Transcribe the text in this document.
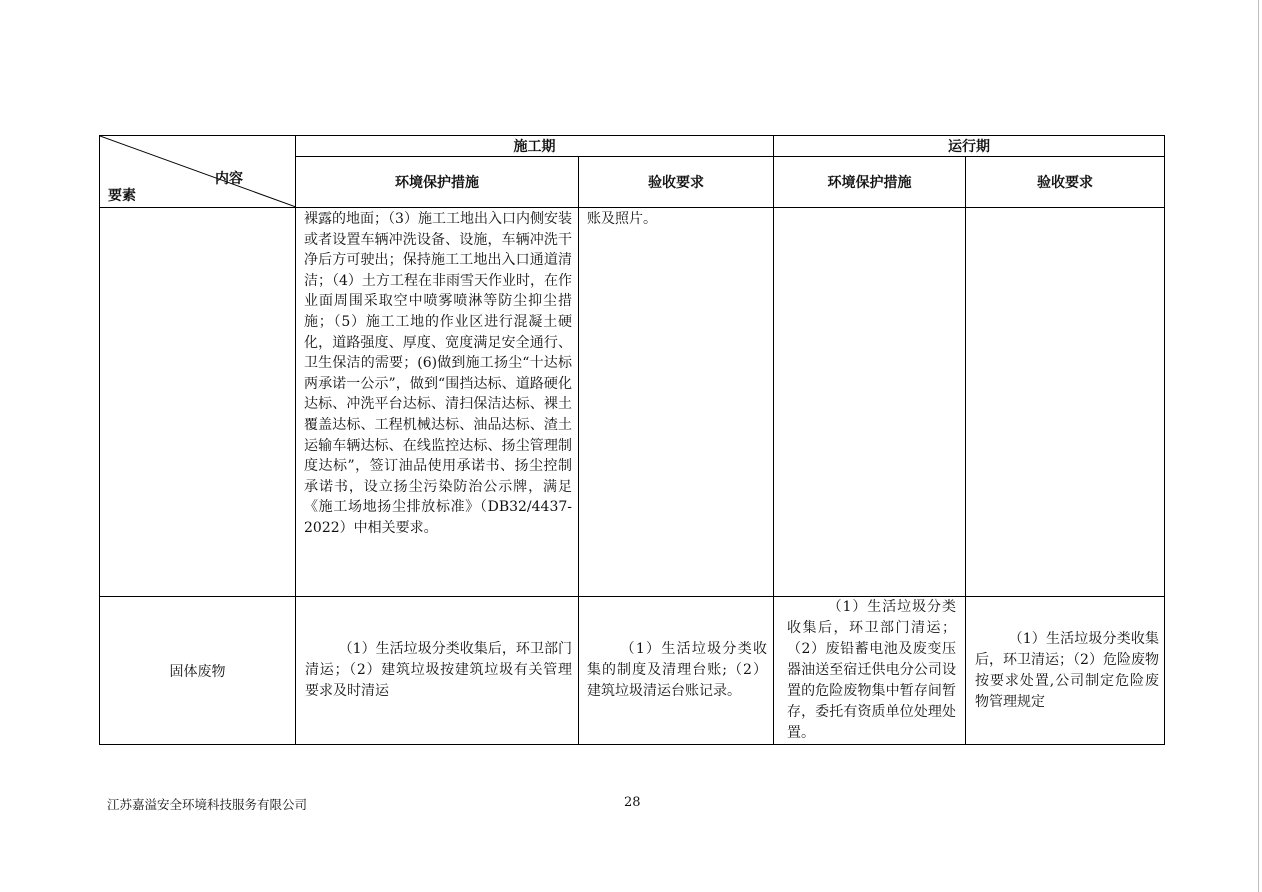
内容
要素	施工期		运行期	
	环境保护措施	验收要求	环境保护措施	验收要求

	裸露的地面；（3）施工工地出入口内侧安装或者设置车辆冲洗设备、设施，车辆冲洗干净后方可驶出；保持施工工地出入口通道清洁；（4）土方工程在非雨雪天作业时，在作业面周围采取空中喷雾喷淋等防尘抑尘措施；（5）施工工地的作业区进行混凝土硬化，道路强度、厚度、宽度满足安全通行、卫生保洁的需要；(6)做到施工扬尘“十达标两承诺一公示”，做到“围挡达标、道路硬化达标、冲洗平台达标、清扫保洁达标、裸土覆盖达标、工程机械达标、油品达标、渣土运输车辆达标、在线监控达标、扬尘管理制度达标”，签订油品使用承诺书、扬尘控制承诺书，设立扬尘污染防治公示牌，满足《施工场地扬尘排放标准》（DB32/4437-2022）中相关要求。	账及照片。		

固体废物	（1）生活垃圾分类收集后，环卫部门清运；（2）建筑垃圾按建筑垃圾有关管理要求及时清运	（1）生活垃圾分类收集的制度及清理台账;（2）建筑垃圾清运台账记录。	（1）生活垃圾分类收集后，环卫部门清运；（2）废铅蓄电池及废变压器油送至宿迁供电分公司设置的危险废物集中暂存间暂存，委托有资质单位处理处置。	（1）生活垃圾分类收集后，环卫清运；（2）危险废物按要求处置,公司制定危险废物管理规定
江苏嘉溢安全环境科技服务有限公司	28
